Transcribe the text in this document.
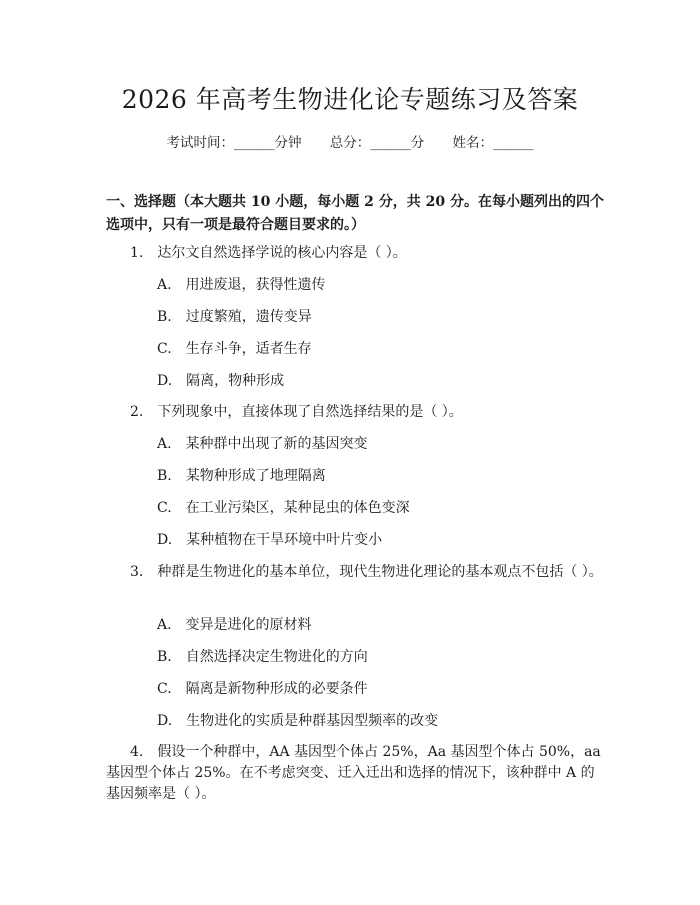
2026 年高考生物进化论专题练习及答案
考试时间：______分钟 总分：______分 姓名：______
一、选择题（本大题共 10 小题，每小题 2 分，共 20 分。在每小题列出的四个选项中，只有一项是最符合题目要求的。）
1.　达尔文自然选择学说的核心内容是（ ）。
A.　用进废退，获得性遗传
B.　过度繁殖，遗传变异
C.　生存斗争，适者生存
D.　隔离，物种形成
2.　下列现象中，直接体现了自然选择结果的是（ ）。
A.　某种群中出现了新的基因突变
B.　某物种形成了地理隔离
C.　在工业污染区，某种昆虫的体色变深
D.　某种植物在干旱环境中叶片变小
3.　种群是生物进化的基本单位，现代生物进化理论的基本观点不包括（ ）。
A.　变异是进化的原材料
B.　自然选择决定生物进化的方向
C.　隔离是新物种形成的必要条件
D.　生物进化的实质是种群基因型频率的改变
4.　假设一个种群中，AA 基因型个体占 25%，Aa 基因型个体占 50%，aa 基因型个体占 25%。在不考虑突变、迁入迁出和选择的情况下，该种群中 A 的基因频率是（ ）。
